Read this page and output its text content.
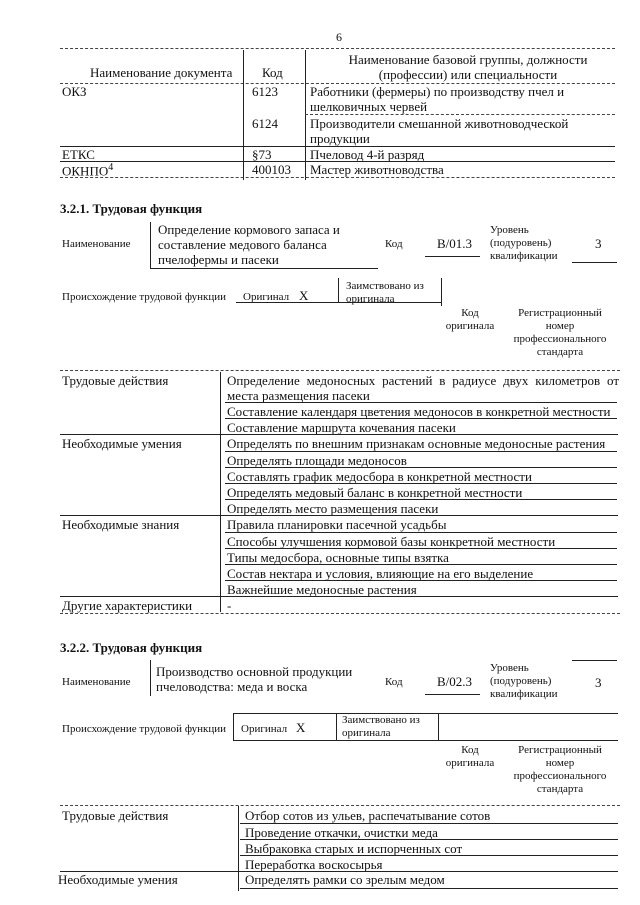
6
Наименование документа Код
Наименование базовой группы, должности
(профессии) или специальности
ОКЗ	6123 Работники (фермеры) по производству пчел и
шелковичных червей
6124 Производители смешанной животноводческой
продукции
ЕТКС	§73	Пчеловод 4-й разряд
ОКНПО$^4$	400103 Мастер животноводства
3.2.1. Трудовая функция
Наименование
Определение кормового запаса и
составление медового баланса
пчелофермы и пасеки
Код	B/01.3
Уровень
(подуровень)
квалификации
3
Происхождение трудовой функции Оригинал X
Заимствовано из
оригинала
Код
оригинала
Регистрационный
номер
профессионального
стандарта
Трудовые действия	Определение медоносных растений в радиусе двух километров от места размещения пасеки
Составление календаря цветения медоносов в конкретной местности
Составление маршрута кочевания пасеки
Необходимые умения	Определять по внешним признакам основные медоносные растения
Определять площади медоносов
Составлять график медосбора в конкретной местности
Определять медовый баланс в конкретной местности
Определять место размещения пасеки
Необходимые знания	Правила планировки пасечной усадьбы
Способы улучшения кормовой базы конкретной местности
Типы медосбора, основные типы взятка
Состав нектара и условия, влияющие на его выделение
Важнейшие медоносные растения
Другие характеристики	-
3.2.2. Трудовая функция
Наименование
Производство основной продукции
пчеловодства: меда и воска	Код	B/02.3
Уровень
(подуровень)
квалификации
3
Происхождение трудовой функции Оригинал X	Заимствовано из
оригинала
Код
оригинала
Регистрационный
номер
профессионального
стандарта
Трудовые действия	Отбор сотов из ульев, распечатывание сотов
Проведение откачки, очистки меда
Выбраковка старых и испорченных сот
Переработка воскосырья
Необходимые умения	Определять рамки со зрелым медом
